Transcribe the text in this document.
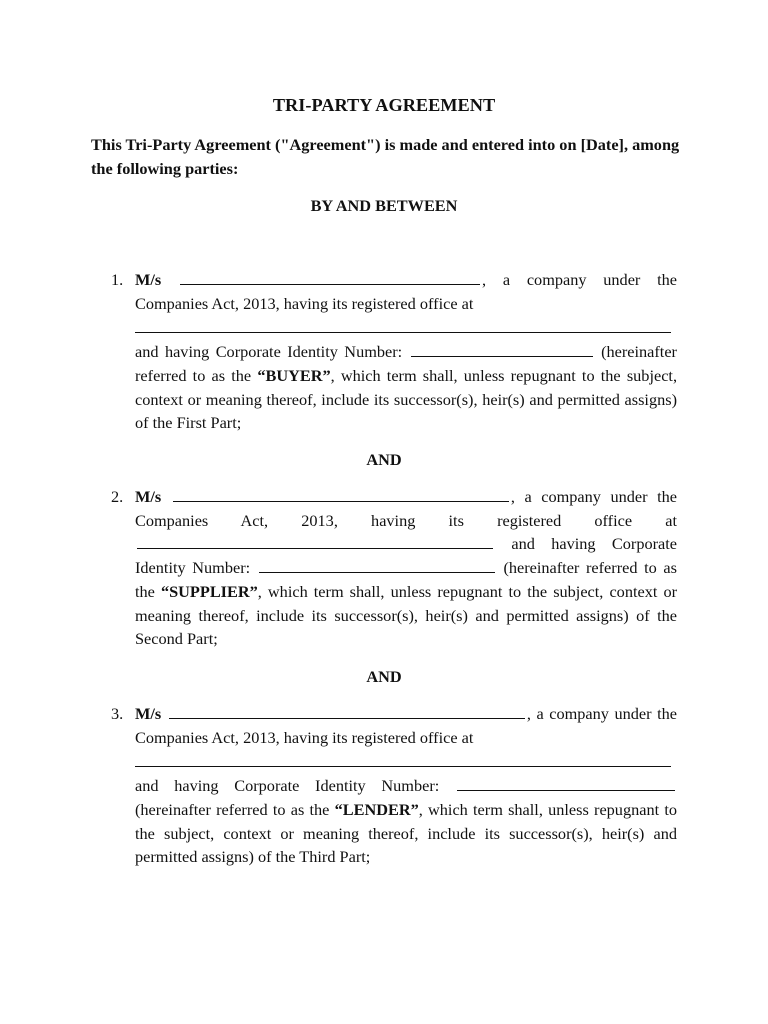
TRI-PARTY AGREEMENT

This Tri-Party Agreement ("Agreement") is made and entered into on [Date], among the following parties:

BY AND BETWEEN

1. M/s	, a company under the Companies Act, 2013, having its registered office at
and having Corporate Identity Number:	(hereinafter referred to as the “BUYER”, which term shall, unless repugnant to the subject, context or meaning thereof, include its successor(s), heir(s) and permitted assigns) of the First Part;

AND

2. M/s	, a company under the Companies Act, 2013, having its registered office at  and having Corporate Identity Number:	(hereinafter referred to as the “SUPPLIER”, which term shall, unless repugnant to the subject, context or meaning thereof, include its successor(s), heir(s) and permitted assigns) of the Second Part;

AND

3. M/s	, a company under the Companies Act, 2013, having its registered office at
and having Corporate Identity Number:  (hereinafter referred to as the “LENDER”, which term shall, unless repugnant to the subject, context or meaning thereof, include its successor(s), heir(s) and permitted assigns) of the Third Part;
